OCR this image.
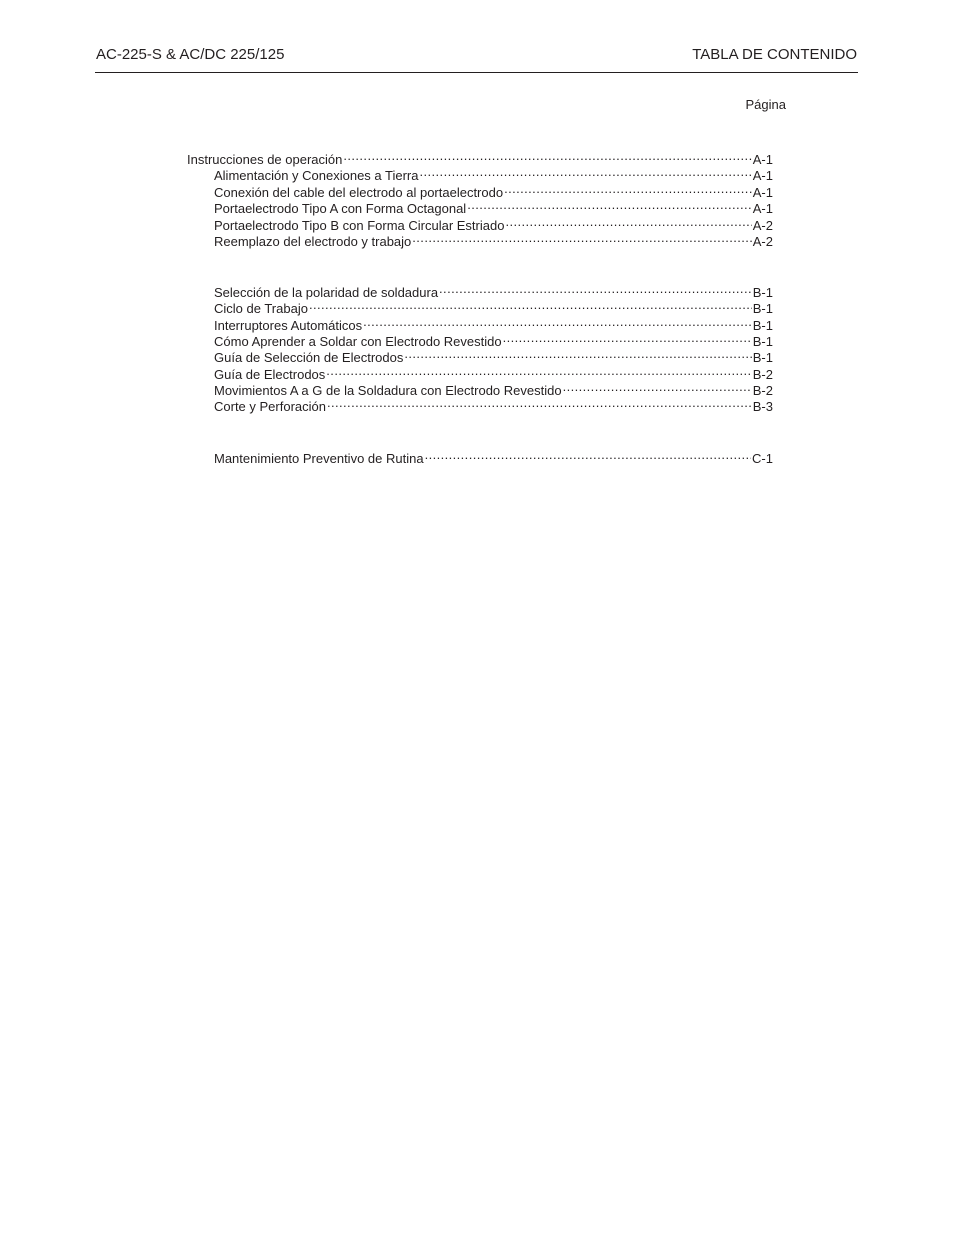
AC-225-S & AC/DC 225/125	TABLA DE CONTENIDO
Página
Instrucciones de operación .....	A-1
Alimentación y Conexiones a Tierra .....	A-1
Conexión del cable del electrodo al portaelectrodo .....	A-1
Portaelectrodo Tipo A con Forma Octagonal .....	A-1
Portaelectrodo Tipo B con Forma Circular Estriado .....	A-2
Reemplazo del electrodo y trabajo .....	A-2
Selección de la polaridad de soldadura .....	B-1
Ciclo de Trabajo .....	B-1
Interruptores Automáticos .....	B-1
Cómo Aprender a Soldar con Electrodo Revestido .....	B-1
Guía de Selección de Electrodos .....	B-1
Guía de Electrodos .....	B-2
Movimientos A a G de la Soldadura con Electrodo Revestido .....	B-2
Corte y Perforación .....	B-3
Mantenimiento Preventivo de Rutina .....	C-1
